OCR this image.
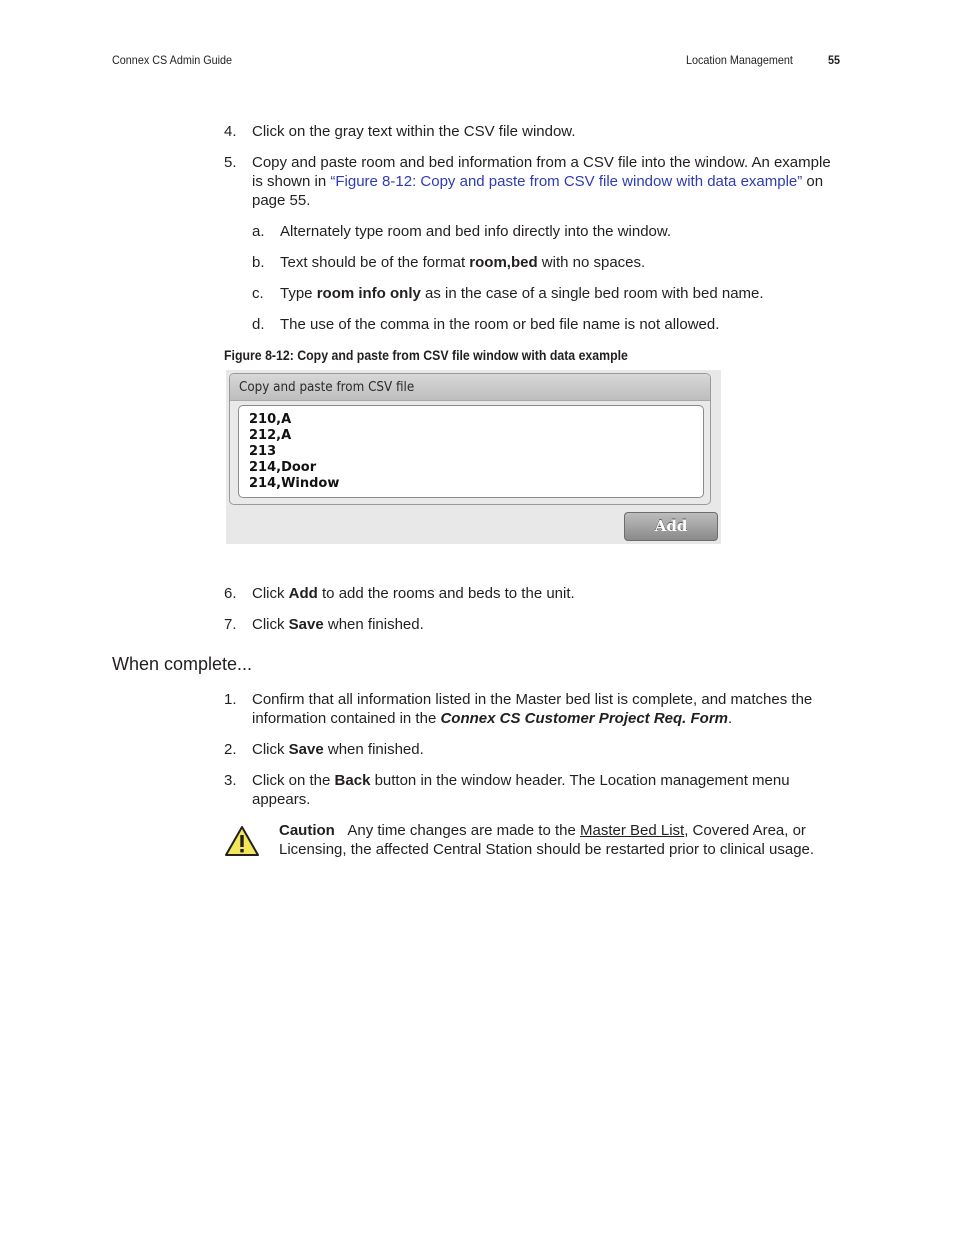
Connex CS Admin Guide	Location Management	55
4. Click on the gray text within the CSV file window.
5. Copy and paste room and bed information from a CSV file into the window. An example is shown in “Figure 8-12: Copy and paste from CSV file window with data example” on page 55.
a. Alternately type room and bed info directly into the window.
b. Text should be of the format room,bed with no spaces.
c. Type room info only as in the case of a single bed room with bed name.
d. The use of the comma in the room or bed file name is not allowed.
Figure 8-12: Copy and paste from CSV file window with data example
Copy and paste from CSV file
210,A
212,A
213
214,Door
214,Window
Add
6. Click Add to add the rooms and beds to the unit.
7. Click Save when finished.
When complete...
1. Confirm that all information listed in the Master bed list is complete, and matches the information contained in the Connex CS Customer Project Req. Form.
2. Click Save when finished.
3. Click on the Back button in the window header. The Location management menu appears.
Caution Any time changes are made to the Master Bed List, Covered Area, or Licensing, the affected Central Station should be restarted prior to clinical usage.
